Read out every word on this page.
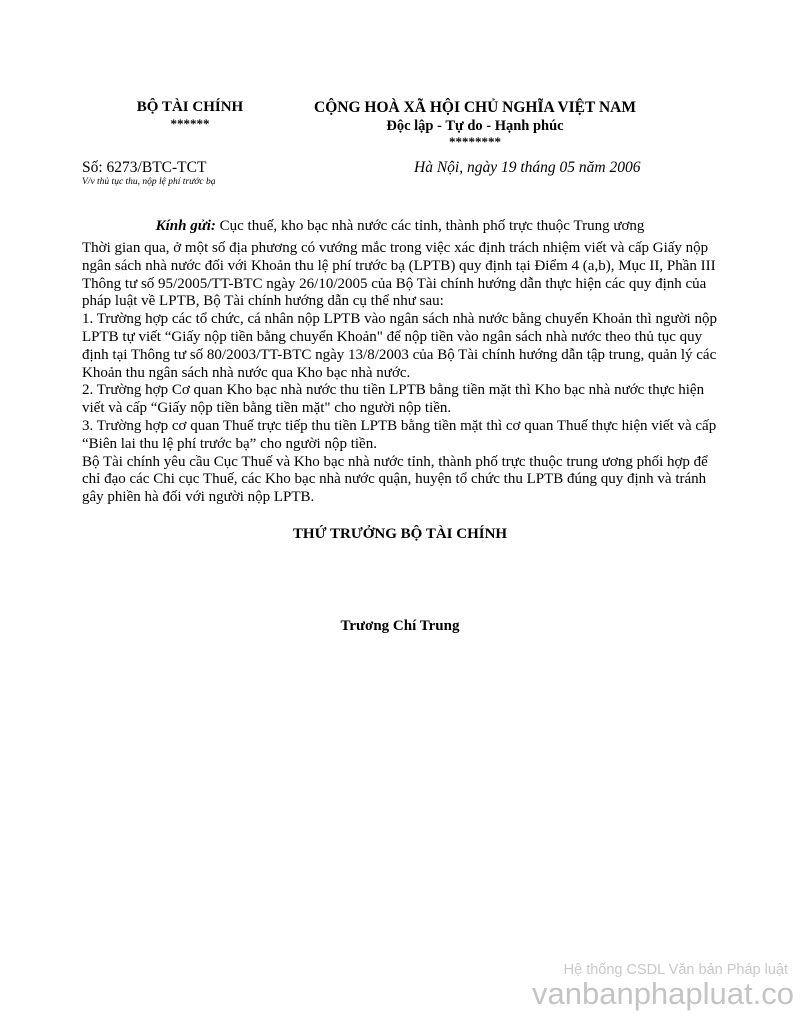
BỘ TÀI CHÍNH
******
CỘNG HOÀ XÃ HỘI CHỦ NGHĨA VIỆT NAM
Độc lập - Tự do - Hạnh phúc
********
Số: 6273/BTC-TCT
V/v thủ tục thu, nộp lệ phí trước bạ
Hà Nội, ngày 19 tháng 05 năm 2006
Kính gửi: Cục thuế, kho bạc nhà nước các tỉnh, thành phố trực thuộc Trung ương

Thời gian qua, ở một số địa phương có vướng mắc trong việc xác định trách nhiệm viết và cấp Giấy nộp ngân sách nhà nước đối với Khoản thu lệ phí trước bạ (LPTB) quy định tại Điểm 4 (a,b), Mục II, Phần III Thông tư số 95/2005/TT-BTC ngày 26/10/2005 của Bộ Tài chính hướng dẫn thực hiện các quy định của pháp luật về LPTB, Bộ Tài chính hướng dẫn cụ thể như sau:

1. Trường hợp các tổ chức, cá nhân nộp LPTB vào ngân sách nhà nước bằng chuyển Khoản thì người nộp LPTB tự viết “Giấy nộp tiền bằng chuyển Khoản" để nộp tiền vào ngân sách nhà nước theo thủ tục quy định tại Thông tư số 80/2003/TT-BTC ngày 13/8/2003 của Bộ Tài chính hướng dẫn tập trung, quản lý các Khoản thu ngân sách nhà nước qua Kho bạc nhà nước.

2. Trường hợp Cơ quan Kho bạc nhà nước thu tiền LPTB bằng tiền mặt thì Kho bạc nhà nước thực hiện viết và cấp “Giấy nộp tiền bằng tiền mặt" cho người nộp tiền.

3. Trường hợp cơ quan Thuế trực tiếp thu tiền LPTB bằng tiền mặt thì cơ quan Thuế thực hiện viết và cấp “Biên lai thu lệ phí trước bạ” cho người nộp tiền.

Bộ Tài chính yêu cầu Cục Thuế và Kho bạc nhà nước tỉnh, thành phố trực thuộc trung ương phối hợp để chỉ đạo các Chi cục Thuế, các Kho bạc nhà nước quận, huyện tổ chức thu LPTB đúng quy định và tránh gây phiền hà đối với người nộp LPTB.

THỨ TRƯỞNG BỘ TÀI CHÍNH
Trương Chí Trung
Hệ thống CSDL Văn bản Pháp luật
vanbanphapluat.co
